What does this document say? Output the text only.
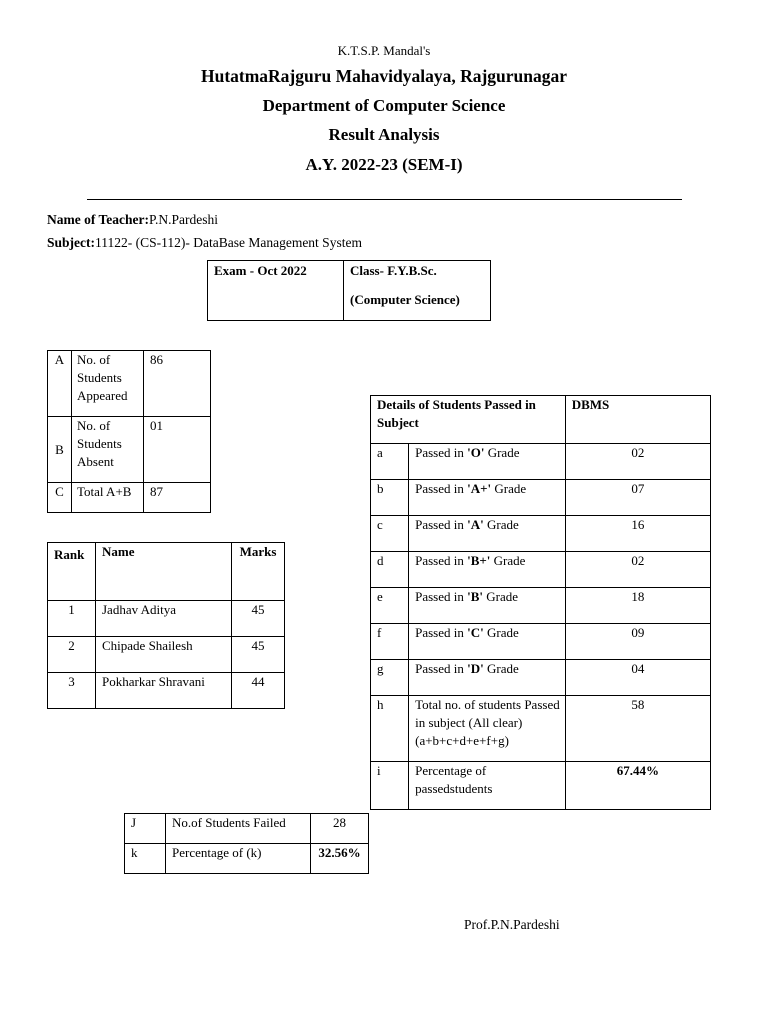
K.T.S.P. Mandal's
HutatmaRajguru Mahavidyalaya, Rajgurunagar
Department of Computer Science
Result Analysis
A.Y. 2022-23 (SEM-I)
Name of Teacher:P.N.Pardeshi
Subject:11122- (CS-112)- DataBase Management System
Exam - Oct 2022	Class- F.Y.B.Sc.
(Computer Science)
A	No. of Students Appeared	86
B	No. of Students Absent	01
C	Total A+B	87
Rank	Name	Marks
1	Jadhav Aditya	45
2	Chipade Shailesh	45
3	Pokharkar Shravani	44
Details of Students Passed in Subject		DBMS
a	Passed in 'O' Grade	02
b	Passed in 'A+' Grade	07
c	Passed in 'A' Grade	16
d	Passed in 'B+' Grade	02
e	Passed in 'B' Grade	18
f	Passed in 'C' Grade	09
g	Passed in 'D' Grade	04
h	Total no. of students Passed in subject (All clear) (a+b+c+d+e+f+g)	58
i	Percentage of passedstudents	67.44%
J	No.of Students Failed	28
k	Percentage of (k)	32.56%
Prof.P.N.Pardeshi
